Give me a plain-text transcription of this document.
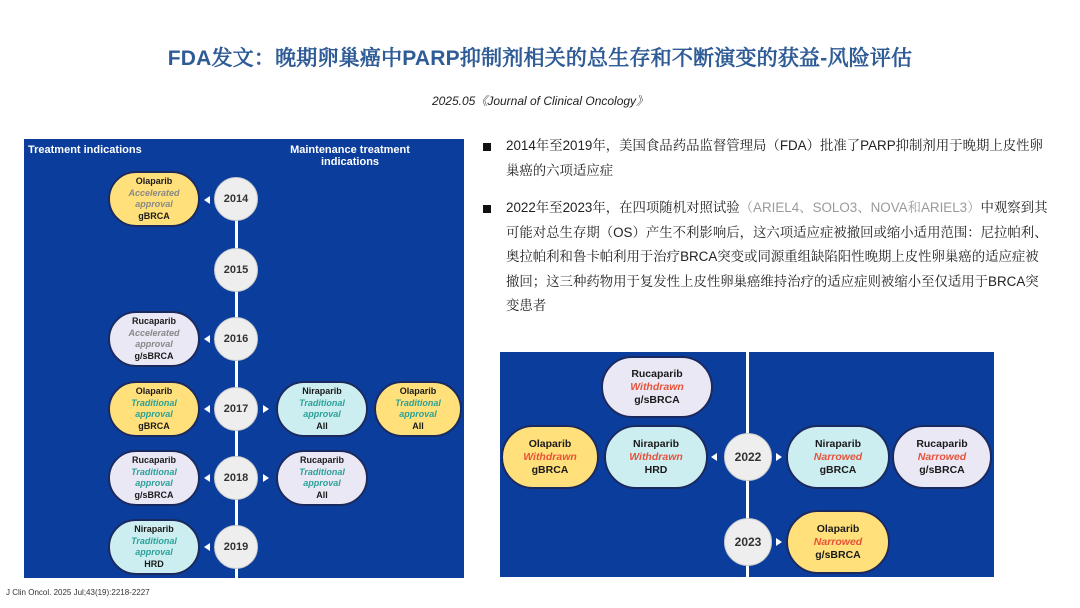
FDA发文：晚期卵巢癌中PARP抑制剂相关的总生存和不断演变的获益-风险评估
2025.05《Journal of Clinical Oncology》
Treatment indications	Maintenance treatment indications
2014
2015
2016
2017
2018
2019
Olaparib
Accelerated approval
gBRCA
Rucaparib
Accelerated approval
g/sBRCA
Olaparib
Traditional approval
gBRCA
Rucaparib
Traditional approval
g/sBRCA
Niraparib
Traditional approval
HRD
Niraparib
Traditional approval
All
Olaparib
Traditional approval
All
Rucaparib
Traditional approval
All
2014年至2019年，美国食品药品监督管理局（FDA）批准了PARP抑制剂用于晚期上皮性卵巢癌的六项适应症
2022年至2023年，在四项随机对照试验（ARIEL4、SOLO3、NOVA和ARIEL3）中观察到其可能对总生存期（OS）产生不利影响后，这六项适应症被撤回或缩小适用范围：尼拉帕利、奥拉帕利和鲁卡帕利用于治疗BRCA突变或同源重组缺陷阳性晚期上皮性卵巢癌的适应症被撤回；这三种药物用于复发性上皮性卵巢癌维持治疗的适应症则被缩小至仅适用于BRCA突变患者
2022
2023
Rucaparib
Withdrawn
g/sBRCA
Olaparib
Withdrawn
gBRCA
Niraparib
Withdrawn
HRD
Niraparib
Narrowed
gBRCA
Rucaparib
Narrowed
g/sBRCA
Olaparib
Narrowed
g/sBRCA
J Clin Oncol. 2025 Jul;43(19):2218-2227
